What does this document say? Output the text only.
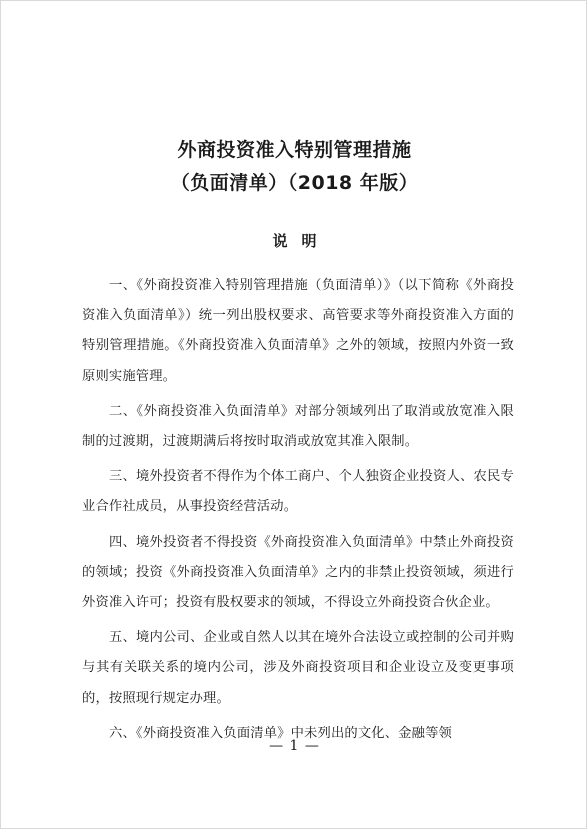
外商投资准入特别管理措施
（负面清单）（2018 年版）
说明

一、《外商投资准入特别管理措施（负面清单）》（以下简称《外商投资准入负面清单》）统一列出股权要求、高管要求等外商投资准入方面的特别管理措施。《外商投资准入负面清单》之外的领域，按照内外资一致原则实施管理。

二、《外商投资准入负面清单》对部分领域列出了取消或放宽准入限制的过渡期，过渡期满后将按时取消或放宽其准入限制。

三、境外投资者不得作为个体工商户、个人独资企业投资人、农民专业合作社成员，从事投资经营活动。

四、境外投资者不得投资《外商投资准入负面清单》中禁止外商投资的领域；投资《外商投资准入负面清单》之内的非禁止投资领域，须进行外资准入许可；投资有股权要求的领域，不得设立外商投资合伙企业。

五、境内公司、企业或自然人以其在境外合法设立或控制的公司并购与其有关联关系的境内公司，涉及外商投资项目和企业设立及变更事项的，按照现行规定办理。

六、《外商投资准入负面清单》中未列出的文化、金融等领

— 1 —
